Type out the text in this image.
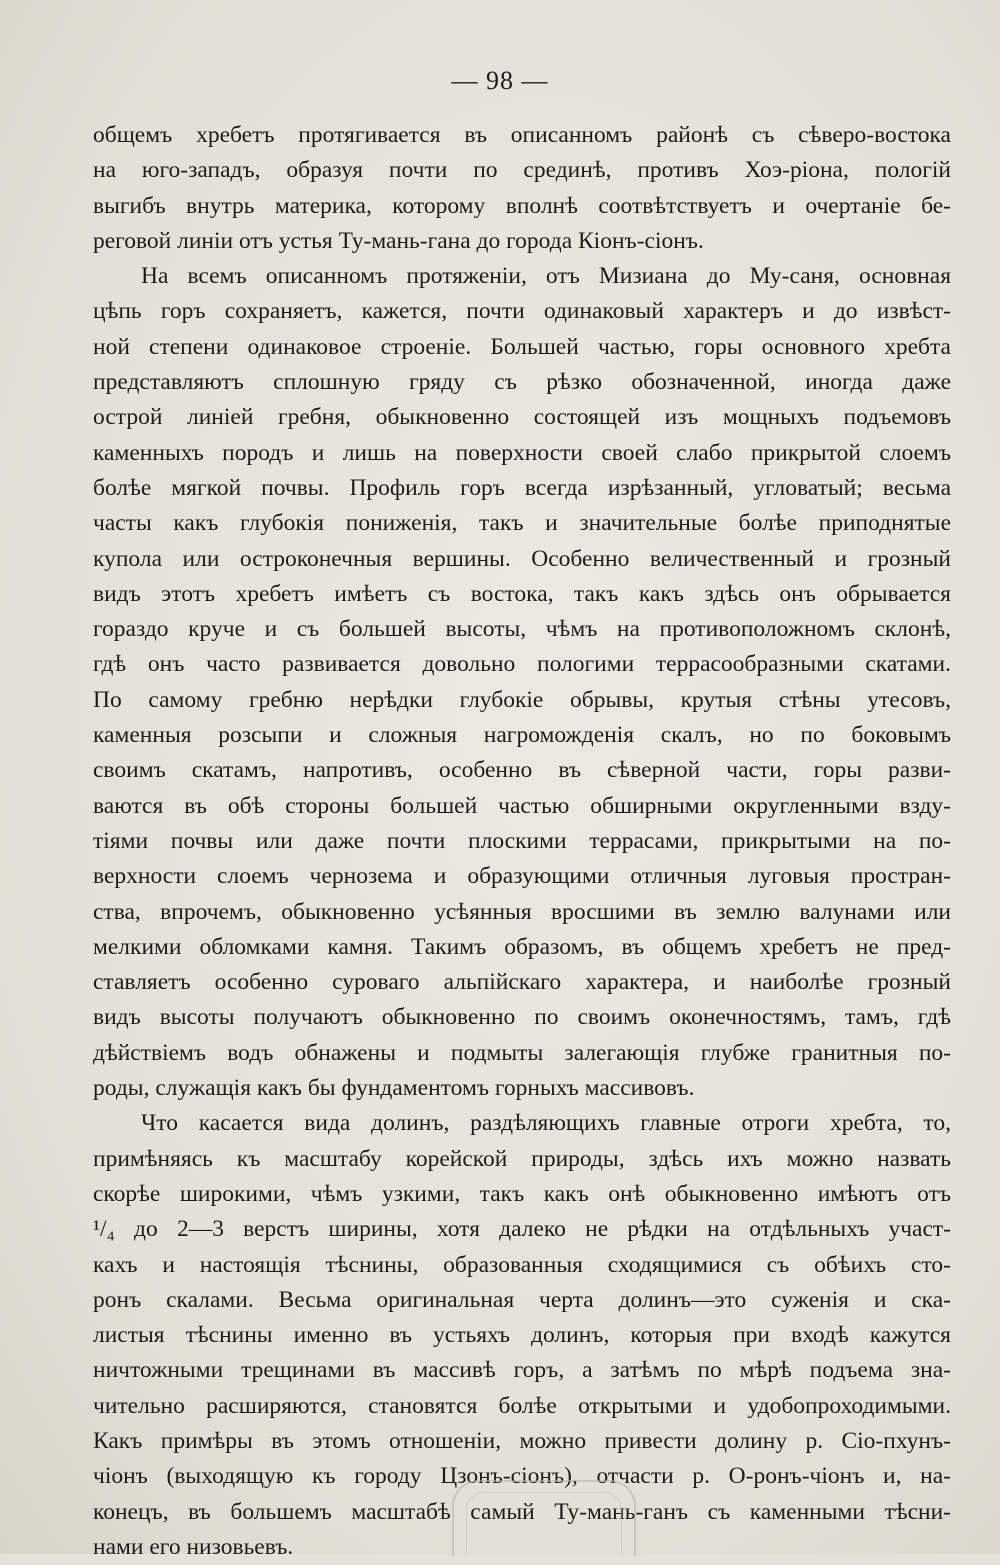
— 98 —
общемъ хребетъ протягивается въ описанномъ районѣ съ сѣверо-востока
на юго-западъ, образуя почти по срединѣ, противъ Хоэ-ріона, пологій
выгибъ внутрь материка, которому вполнѣ соотвѣтствуетъ и очертаніе бе-
реговой линіи отъ устья Ту-мань-гана до города Кіонъ-сіонъ.
На всемъ описанномъ протяженіи, отъ Мизиана до Му-саня, основная
цѣпь горъ сохраняетъ, кажется, почти одинаковый характеръ и до извѣст-
ной степени одинаковое строеніе. Большей частью, горы основного хребта
представляютъ сплошную гряду съ рѣзко обозначенной, иногда даже
острой линіей гребня, обыкновенно состоящей изъ мощныхъ подъемовъ
каменныхъ породъ и лишь на поверхности своей слабо прикрытой слоемъ
болѣе мягкой почвы. Профиль горъ всегда изрѣзанный, угловатый; весьма
часты какъ глубокія пониженія, такъ и значительные болѣе приподнятые
купола или остроконечныя вершины. Особенно величественный и грозный
видъ этотъ хребетъ имѣетъ съ востока, такъ какъ здѣсь онъ обрывается
гораздо круче и съ большей высоты, чѣмъ на противоположномъ склонѣ,
гдѣ онъ часто развивается довольно пологими террасообразными скатами.
По самому гребню нерѣдки глубокіе обрывы, крутыя стѣны утесовъ,
каменныя розсыпи и сложныя нагроможденія скалъ, но по боковымъ
своимъ скатамъ, напротивъ, особенно въ сѣверной части, горы разви-
ваются въ обѣ стороны большей частью обширными округленными взду-
тіями почвы или даже почти плоскими террасами, прикрытыми на по-
верхности слоемъ чернозема и образующими отличныя луговыя простран-
ства, впрочемъ, обыкновенно усѣянныя вросшими въ землю валунами или
мелкими обломками камня. Такимъ образомъ, въ общемъ хребетъ не пред-
ставляетъ особенно суроваго альпійскаго характера, и наиболѣе грозный
видъ высоты получаютъ обыкновенно по своимъ оконечностямъ, тамъ, гдѣ
дѣйствіемъ водъ обнажены и подмыты залегающія глубже гранитныя по-
роды, служащія какъ бы фундаментомъ горныхъ массивовъ.
Что касается вида долинъ, раздѣляющихъ главные отроги хребта, то,
примѣняясь къ масштабу корейской природы, здѣсь ихъ можно назвать
скорѣе широкими, чѣмъ узкими, такъ какъ онѣ обыкновенно имѣютъ отъ
¹/₄ до 2—3 верстъ ширины, хотя далеко не рѣдки на отдѣльныхъ участ-
кахъ и настоящія тѣснины, образованныя сходящимися съ обѣихъ сто-
ронъ скалами. Весьма оригинальная черта долинъ—это суженія и ска-
листыя тѣснины именно въ устьяхъ долинъ, которыя при входѣ кажутся
ничтожными трещинами въ массивѣ горъ, а затѣмъ по мѣрѣ подъема зна-
чительно расширяются, становятся болѣе открытыми и удобопроходимыми.
Какъ примѣры въ этомъ отношеніи, можно привести долину р. Сіо-пхунъ-
чіонъ (выходящую къ городу Цзонъ-сіонъ), отчасти р. О-ронъ-чіонъ и, на-
конецъ, въ большемъ масштабѣ самый Ту-мань-ганъ съ каменными тѣсни-
нами его низовьевъ.
